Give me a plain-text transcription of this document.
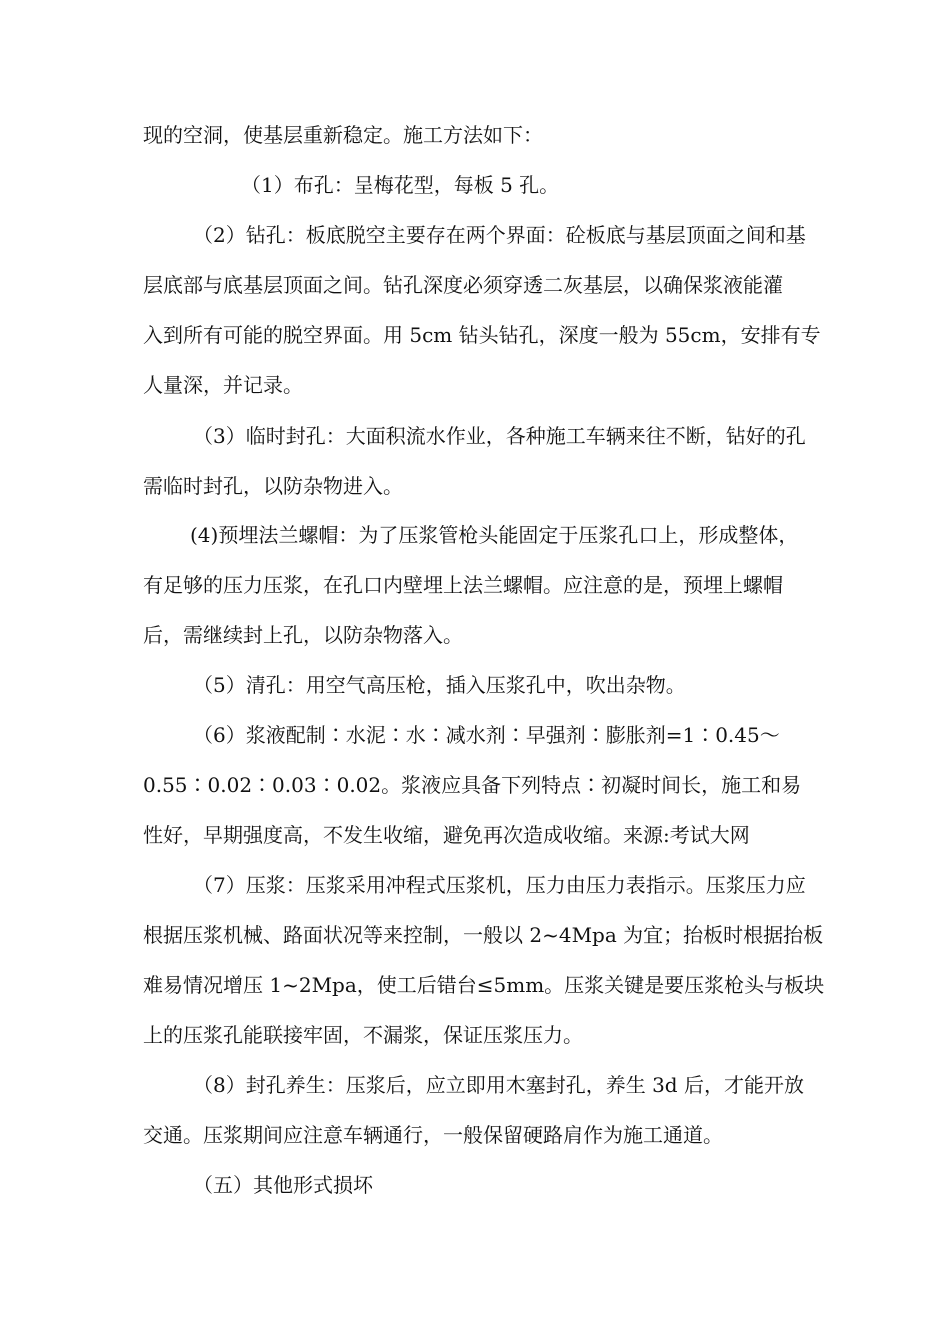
现的空洞，使基层重新稳定。施工方法如下：
（1）布孔：呈梅花型，每板 5 孔。
（2）钻孔：板底脱空主要存在两个界面：砼板底与基层顶面之间和基
层底部与底基层顶面之间。钻孔深度必须穿透二灰基层，以确保浆液能灌
入到所有可能的脱空界面。用 5cm 钻头钻孔，深度一般为 55cm，安排有专
人量深，并记录。
（3）临时封孔：大面积流水作业，各种施工车辆来往不断，钻好的孔
需临时封孔，以防杂物进入。
(4)预埋法兰螺帽：为了压浆管枪头能固定于压浆孔口上，形成整体，
有足够的压力压浆，在孔口内壁埋上法兰螺帽。应注意的是，预埋上螺帽
后，需继续封上孔，以防杂物落入。
（5）清孔：用空气高压枪，插入压浆孔中，吹出杂物。
（6）浆液配制∶水泥∶水∶减水剂∶早强剂∶膨胀剂=1∶0.45～
0.55∶0.02∶0.03∶0.02。浆液应具备下列特点∶初凝时间长，施工和易
性好，早期强度高，不发生收缩，避免再次造成收缩。来源:考试大网
（7）压浆：压浆采用冲程式压浆机，压力由压力表指示。压浆压力应
根据压浆机械、路面状况等来控制，一般以 2~4Mpa 为宜；抬板时根据抬板
难易情况增压 1~2Mpa，使工后错台≤5mm。压浆关键是要压浆枪头与板块
上的压浆孔能联接牢固，不漏浆，保证压浆压力。
（8）封孔养生：压浆后，应立即用木塞封孔，养生 3d 后，才能开放
交通。压浆期间应注意车辆通行，一般保留硬路肩作为施工通道。
（五）其他形式损坏
